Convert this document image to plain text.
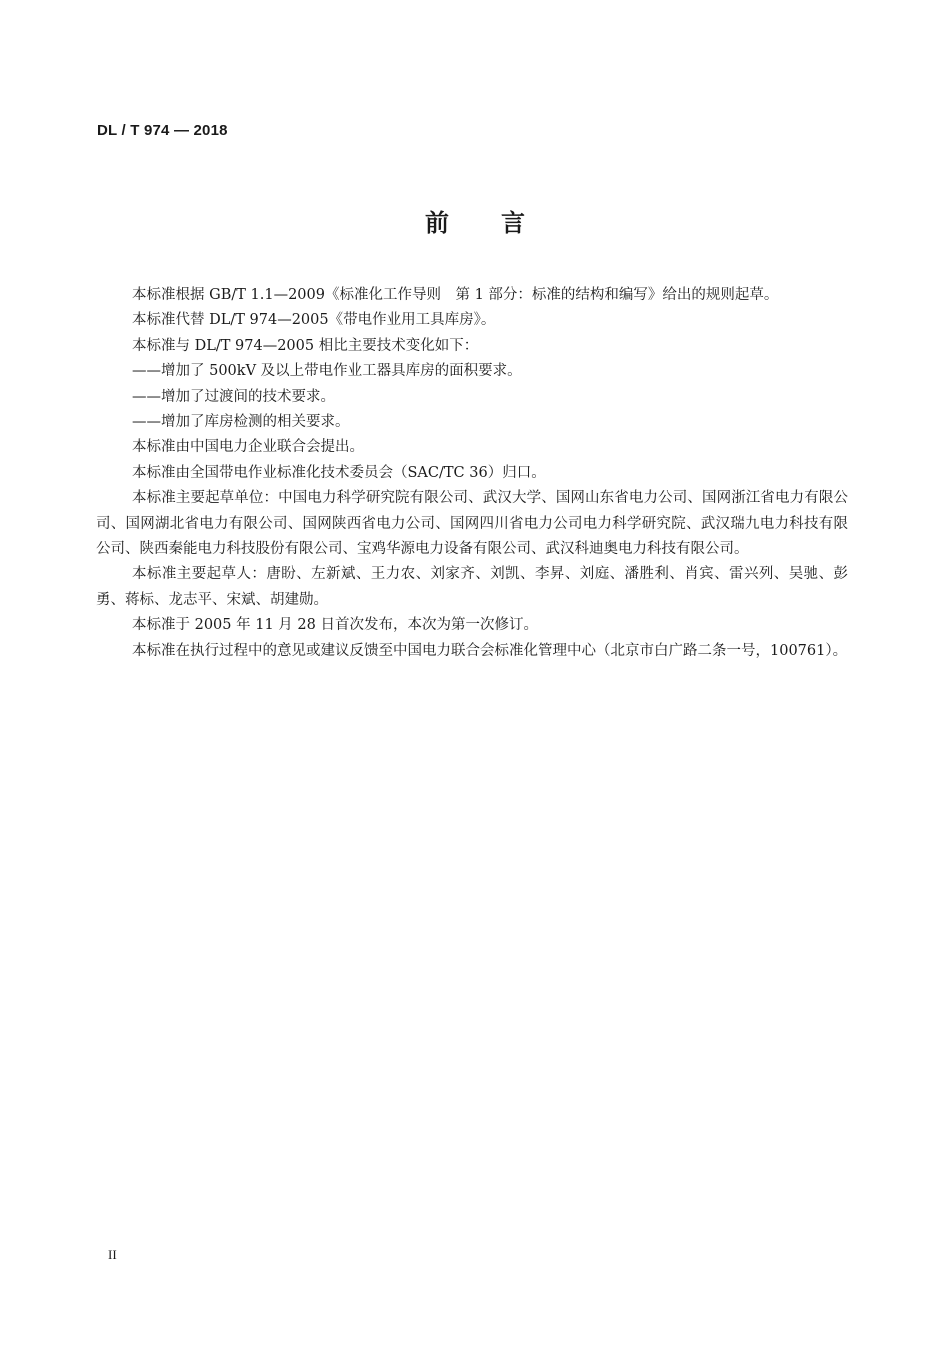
DL / T 974 — 2018
前言

本标准根据 GB/T 1.1—2009《标准化工作导则　第 1 部分：标准的结构和编写》给出的规则起草。

本标准代替 DL/T 974—2005《带电作业用工具库房》。

本标准与 DL/T 974—2005 相比主要技术变化如下：

——增加了 500kV 及以上带电作业工器具库房的面积要求。

——增加了过渡间的技术要求。

——增加了库房检测的相关要求。

本标准由中国电力企业联合会提出。

本标准由全国带电作业标准化技术委员会（SAC/TC 36）归口。

本标准主要起草单位：中国电力科学研究院有限公司、武汉大学、国网山东省电力公司、国网浙江省电力有限公司、国网湖北省电力有限公司、国网陕西省电力公司、国网四川省电力公司电力科学研究院、武汉瑞九电力科技有限公司、陕西秦能电力科技股份有限公司、宝鸡华源电力设备有限公司、武汉科迪奥电力科技有限公司。

本标准主要起草人：唐盼、左新斌、王力农、刘家齐、刘凯、李昇、刘庭、潘胜利、肖宾、雷兴列、吴驰、彭勇、蒋标、龙志平、宋斌、胡建勋。

本标准于 2005 年 11 月 28 日首次发布，本次为第一次修订。

本标准在执行过程中的意见或建议反馈至中国电力联合会标准化管理中心（北京市白广路二条一号，100761）。

II
